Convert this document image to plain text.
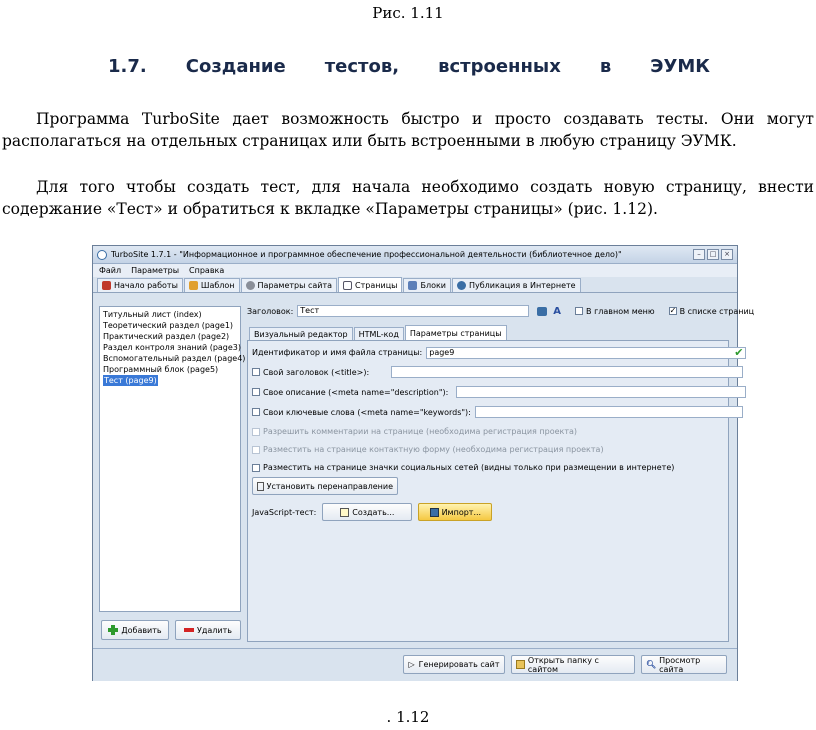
Рис. 1.11
1.7. Создание тестов, встроенных в ЭУМК
Программа TurboSite дает возможность быстро и просто создавать тесты. Они могут располагаться на отдельных страницах или быть встроенными в любую страницу ЭУМК.
Для того чтобы создать тест, для начала необходимо создать новую страницу, внести содержание «Тест» и обратиться к вкладке «Параметры страницы» (рис. 1.12).
TurboSite 1.7.1 - "Информационное и программное обеспечение профессиональной деятельности (библиотечное дело)"	–	□	×
Файл Параметры Справка
Начало работы	Шаблон	Параметры сайта	Страницы	Блоки	Публикация в Интернете
Титульный лист (index)
Теоретический раздел (page1)
Практический раздел (page2)
Раздел контроля знаний (page3)
Вспомогательный раздел (page4)
Программный блок (page5)
Тест (page9)
Добавить	Удалить
Заголовок: Тест	A	В главном меню ✓ В списке страниц
Визуальный редактор	HTML-код	Параметры страницы
Идентификатор и имя файла страницы: page9	✔
Свой заголовок (<title>):
Свое описание (<meta name="description"):
Свои ключевые слова (<meta name="keywords"):
Разрешить комментарии на странице (необходима регистрация проекта)
Разместить на странице контактную форму (необходима регистрация проекта)
Разместить на странице значки социальных сетей (видны только при размещении в интернете)
Установить перенаправление
JavaScript-тест:	Создать...	Импорт...
▷ Генерировать сайт	Открыть папку с сайтом	🔍︎ Просмотр сайта
. 1.12
